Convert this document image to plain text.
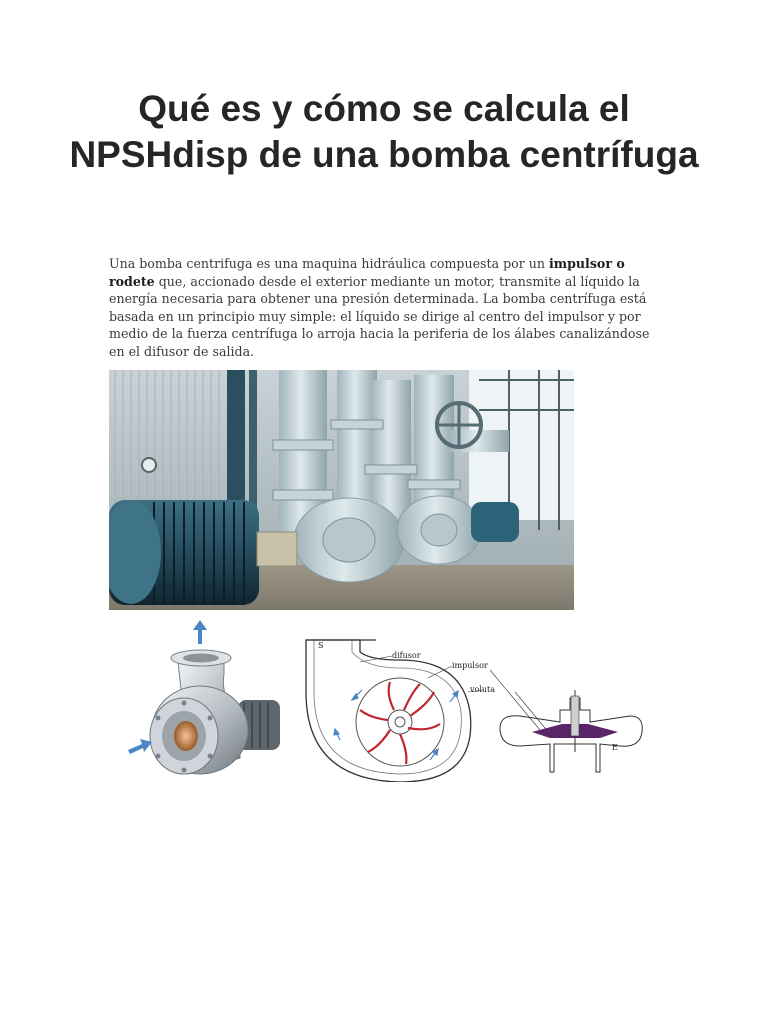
Qué es y cómo se calcula el NPSHdisp de una bomba centrífuga

Una bomba centrifuga es una maquina hidráulica compuesta por un impulsor o rodete que, accionado desde el exterior mediante un motor, transmite al líquido la energía necesaria para obtener una presión determinada. La bomba centrífuga está basada en un principio muy simple: el líquido se dirige al centro del impulsor y por medio de la fuerza centrífuga lo arroja hacia la periferia de los álabes canalizándose en el difusor de salida.

S
difusor
impulsor
voluta
E
